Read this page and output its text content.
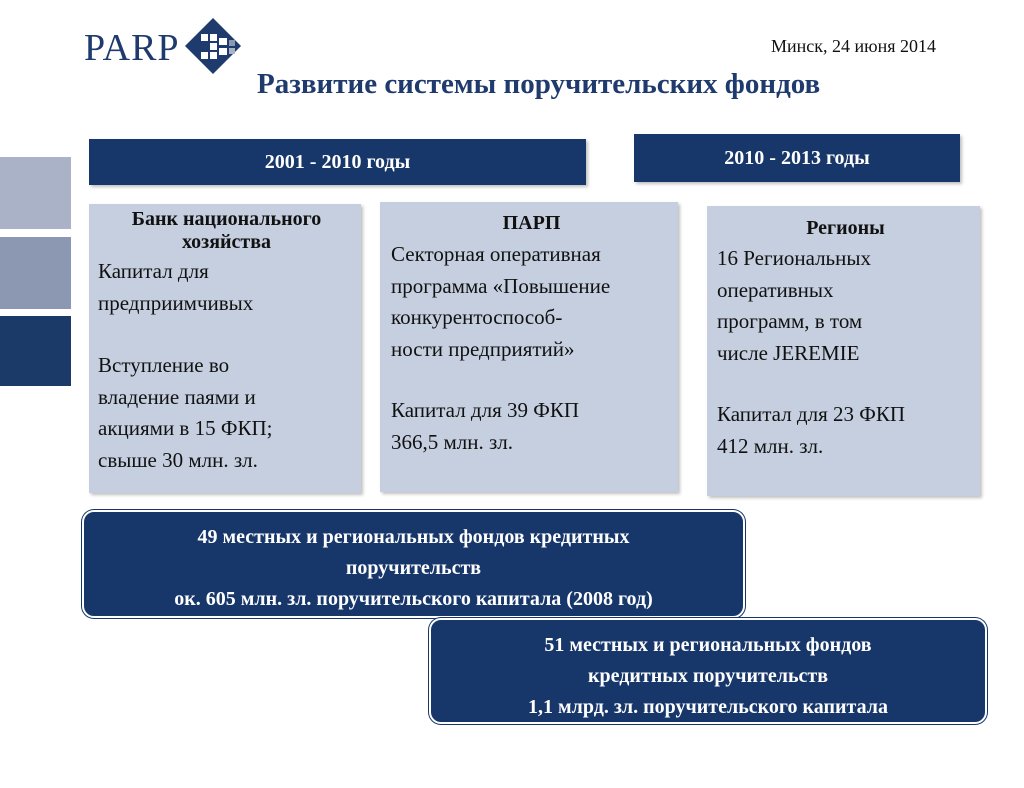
PARP	Минск, 24 июня 2014
Развитие системы поручительских фондов
2001 - 2010 годы	2010 - 2013 годы
Банк национального
хозяйства
Капитал для
предприимчивых
Вступление во
владение паями и
акциями в 15 ФКП;
свыше 30 млн. зл.
ПАРП
Секторная оперативная
программа «Повышение
конкурентоспособ-
ности предприятий»
Капитал для 39 ФКП
366,5 млн. зл.
Регионы
16 Региональных
оперативных
программ, в том
числе JEREMIE
Капитал для 23 ФКП
412 млн. зл.
49 местных и региональных фондов кредитных
поручительств
ок. 605 млн. зл. поручительского капитала (2008 год)
51 местных и региональных фондов
кредитных поручительств
1,1 млрд. зл. поручительского капитала
